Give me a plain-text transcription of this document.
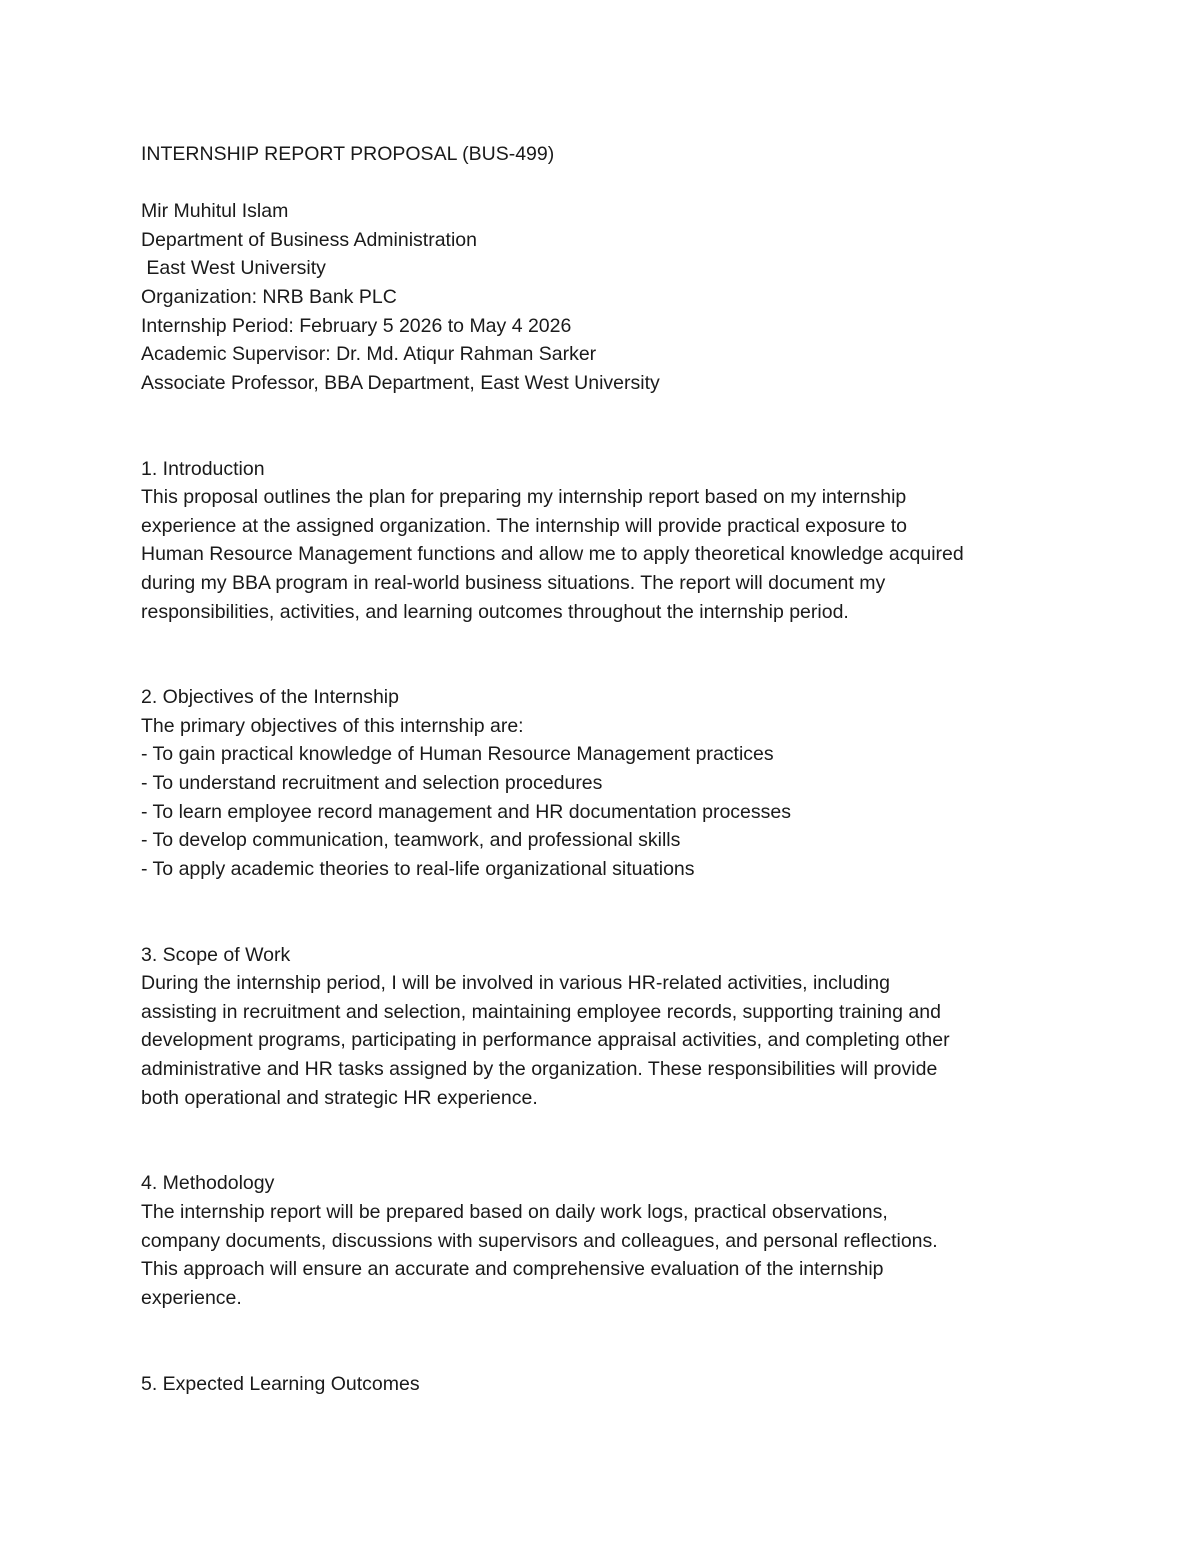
INTERNSHIP REPORT PROPOSAL (BUS-499)
Mir Muhitul Islam
Department of Business Administration
East West University
Organization: NRB Bank PLC
Internship Period: February 5 2026 to May 4 2026
Academic Supervisor: Dr. Md. Atiqur Rahman Sarker
Associate Professor, BBA Department, East West University
1. Introduction
This proposal outlines the plan for preparing my internship report based on my internship
experience at the assigned organization. The internship will provide practical exposure to
Human Resource Management functions and allow me to apply theoretical knowledge acquired
during my BBA program in real-world business situations. The report will document my
responsibilities, activities, and learning outcomes throughout the internship period.
2. Objectives of the Internship
The primary objectives of this internship are:
- To gain practical knowledge of Human Resource Management practices
- To understand recruitment and selection procedures
- To learn employee record management and HR documentation processes
- To develop communication, teamwork, and professional skills
- To apply academic theories to real-life organizational situations
3. Scope of Work
During the internship period, I will be involved in various HR-related activities, including
assisting in recruitment and selection, maintaining employee records, supporting training and
development programs, participating in performance appraisal activities, and completing other
administrative and HR tasks assigned by the organization. These responsibilities will provide
both operational and strategic HR experience.
4. Methodology
The internship report will be prepared based on daily work logs, practical observations,
company documents, discussions with supervisors and colleagues, and personal reflections.
This approach will ensure an accurate and comprehensive evaluation of the internship
experience.
5. Expected Learning Outcomes
